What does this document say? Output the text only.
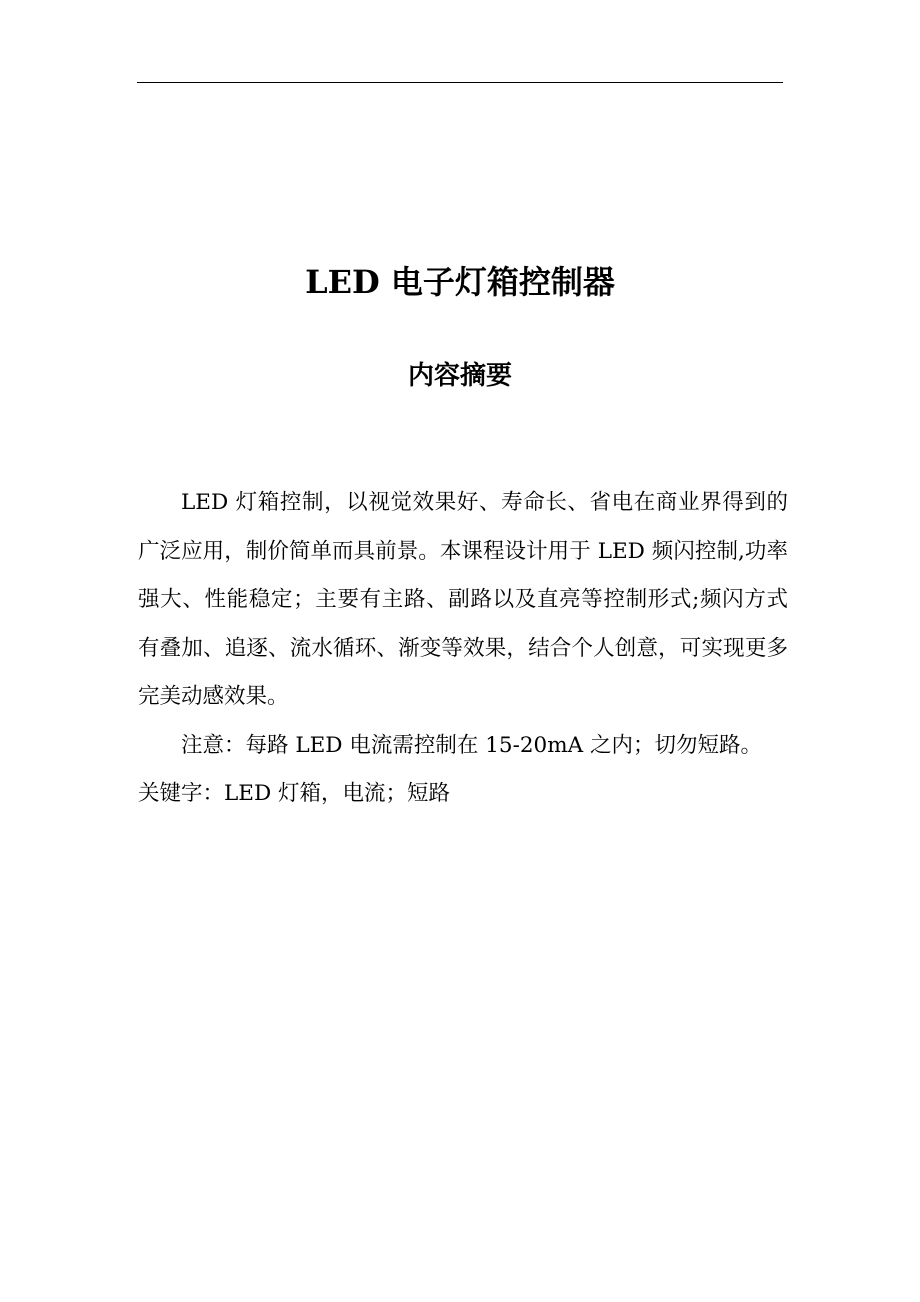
LED 电子灯箱控制器
内容摘要

LED 灯箱控制，以视觉效果好、寿命长、省电在商业界得到的广泛应用，制价简单而具前景。本课程设计用于 LED 频闪控制,功率强大、性能稳定；主要有主路、副路以及直亮等控制形式;频闪方式有叠加、追逐、流水循环、渐变等效果，结合个人创意，可实现更多完美动感效果。

注意：每路 LED 电流需控制在 15-20mA 之内；切勿短路。

关键字：LED 灯箱，电流；短路
